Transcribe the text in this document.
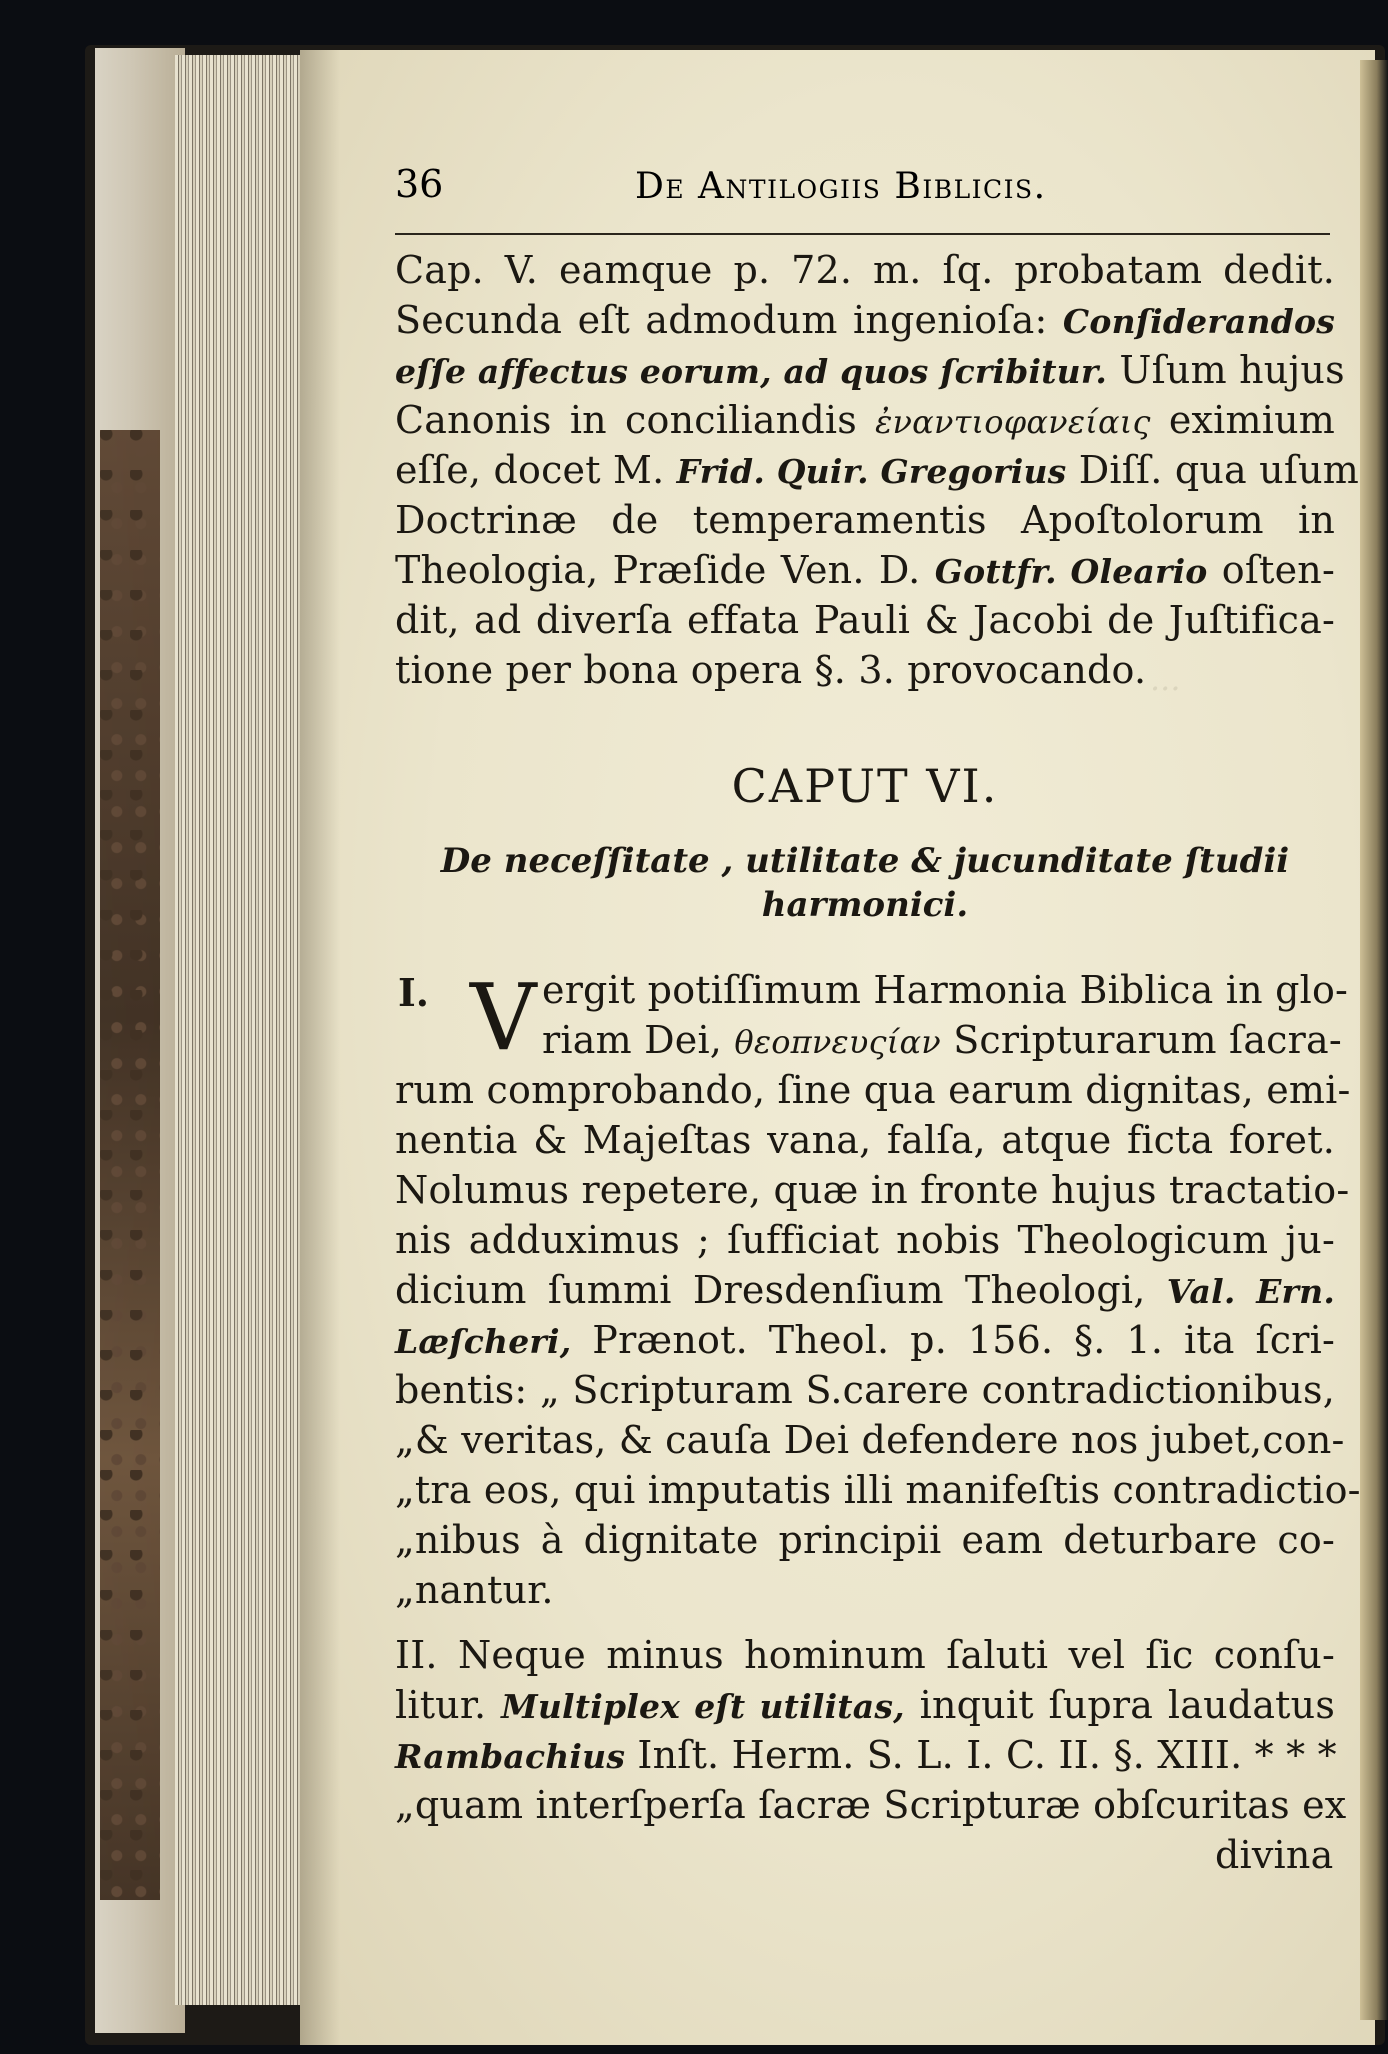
...
36	De Antilogiis Biblicis.
Cap. V. eamque p. 72. m. ſq. probatam dedit.
Secunda eſt admodum ingenioſa: Conſiderandos
eſſe affectus eorum, ad quos ſcribitur. Uſum hujus
Canonis in conciliandis ἐναντιοφανείαις eximium
eſſe, docet M. Frid. Quir. Gregorius Diſſ. qua uſum
Doctrinæ de temperamentis Apoſtolorum in
Theologia, Præſide Ven. D. Gottfr. Oleario oſten-
dit, ad diverſa effata Pauli & Jacobi de Juſtifica-
tione per bona opera §. 3. provocando.
CAPUT VI.
De neceſſitate , utilitate & jucunditate ſtudii
harmonici.
I. V ergit potiſſimum Harmonia Biblica in glo-
riam Dei, θεοπνευςίαν Scripturarum ſacra-
rum comprobando, ſine qua earum dignitas, emi-
nentia & Majeſtas vana, falſa, atque ficta foret.
Nolumus repetere, quæ in fronte hujus tractatio-
nis adduximus ; ſufficiat nobis Theologicum ju-
dicium ſummi Dresdenſium Theologi, Val. Ern.
Læſcheri, Prænot. Theol. p. 156. §. 1. ita ſcri-
bentis: „ Scripturam S.carere contradictionibus,
„& veritas, & cauſa Dei defendere nos jubet,con-
„tra eos, qui imputatis illi manifeſtis contradictio-
„nibus à dignitate principii eam deturbare co-
„nantur.
II. Neque minus hominum ſaluti vel ſic conſu-
litur. Multiplex eſt utilitas, inquit ſupra laudatus
Rambachius Inſt. Herm. S. L. I. C. II. §. XIII. * * *
„quam interſperſa ſacræ Scripturæ obſcuritas ex
divina
